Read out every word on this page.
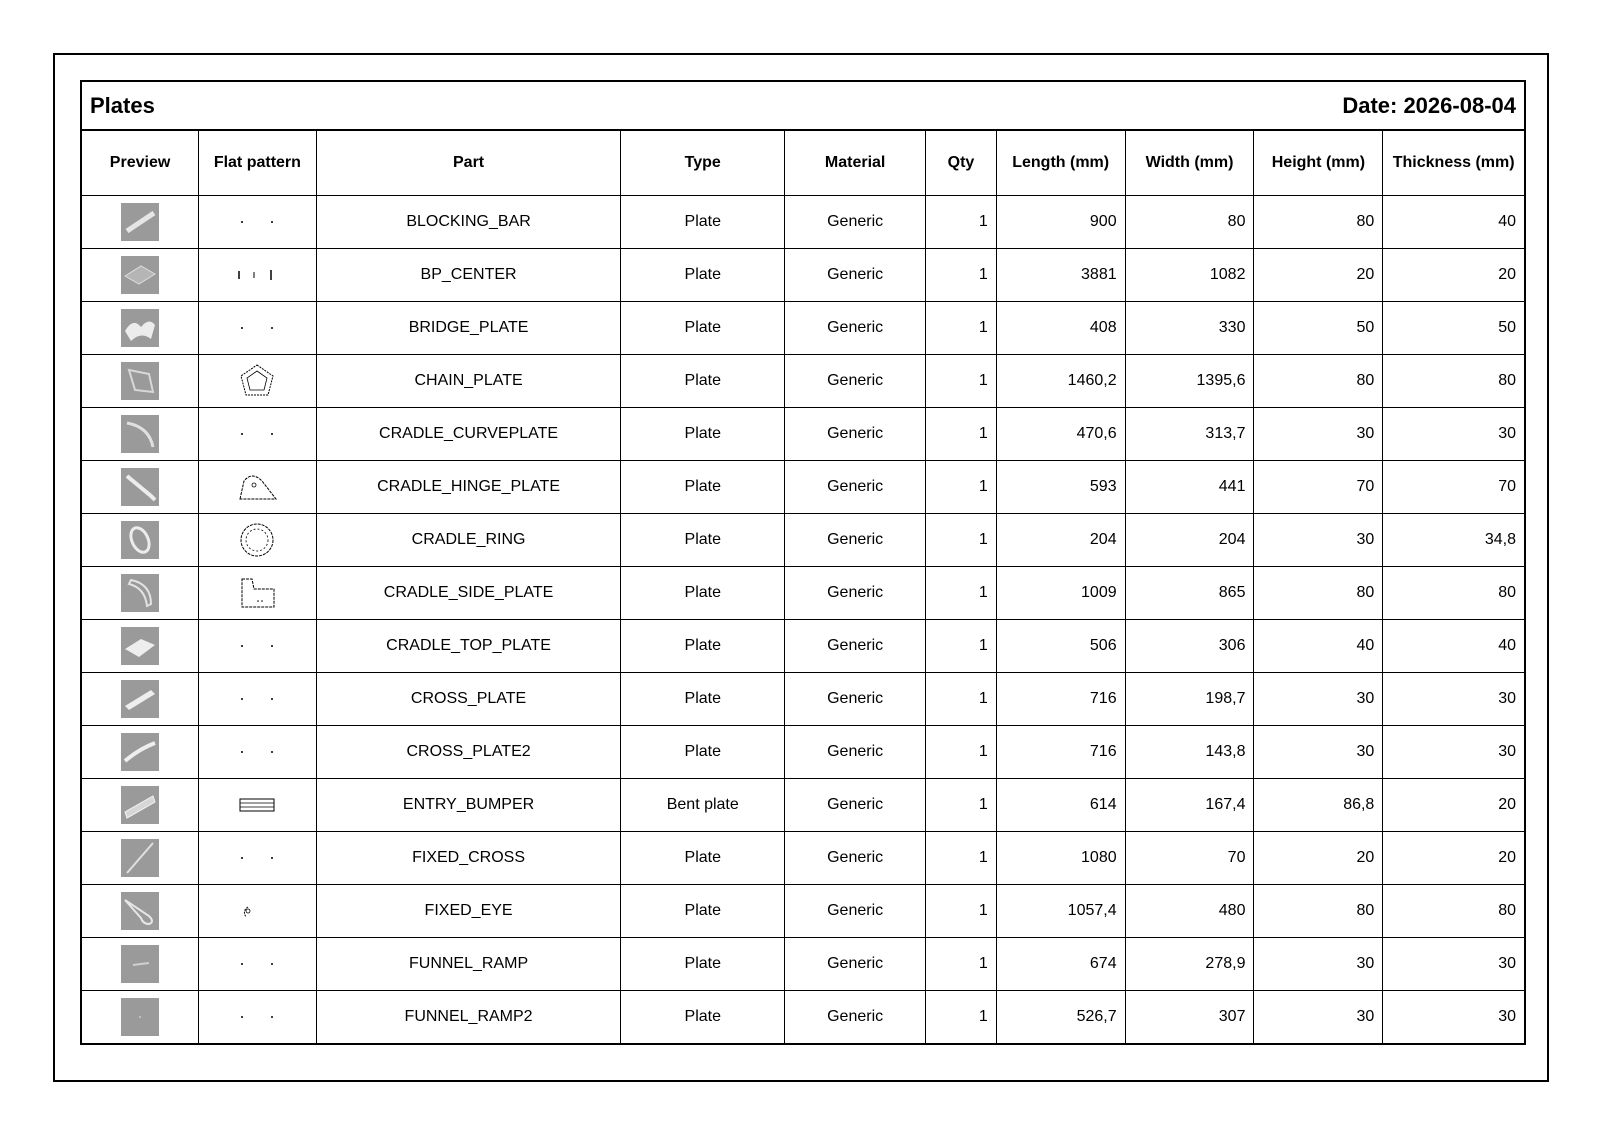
Plates	Date: 2026-08-04
Preview	Flat pattern	Part	Type	Material	Qty	Length (mm)	Width (mm)	Height (mm)	Thickness (mm)

		BLOCKING_BAR	Plate	Generic	1	900	80	80	40

		BP_CENTER	Plate	Generic	1	3881	1082	20	20

		BRIDGE_PLATE	Plate	Generic	1	408	330	50	50

		CHAIN_PLATE	Plate	Generic	1	1460,2	1395,6	80	80

		CRADLE_CURVEPLATE	Plate	Generic	1	470,6	313,7	30	30

		CRADLE_HINGE_PLATE	Plate	Generic	1	593	441	70	70

		CRADLE_RING	Plate	Generic	1	204	204	30	34,8

		CRADLE_SIDE_PLATE	Plate	Generic	1	1009	865	80	80

		CRADLE_TOP_PLATE	Plate	Generic	1	506	306	40	40

		CROSS_PLATE	Plate	Generic	1	716	198,7	30	30

		CROSS_PLATE2	Plate	Generic	1	716	143,8	30	30

		ENTRY_BUMPER	Bent plate	Generic	1	614	167,4	86,8	20

		FIXED_CROSS	Plate	Generic	1	1080	70	20	20

		FIXED_EYE	Plate	Generic	1	1057,4	480	80	80

		FUNNEL_RAMP	Plate	Generic	1	674	278,9	30	30

		FUNNEL_RAMP2	Plate	Generic	1	526,7	307	30	30
